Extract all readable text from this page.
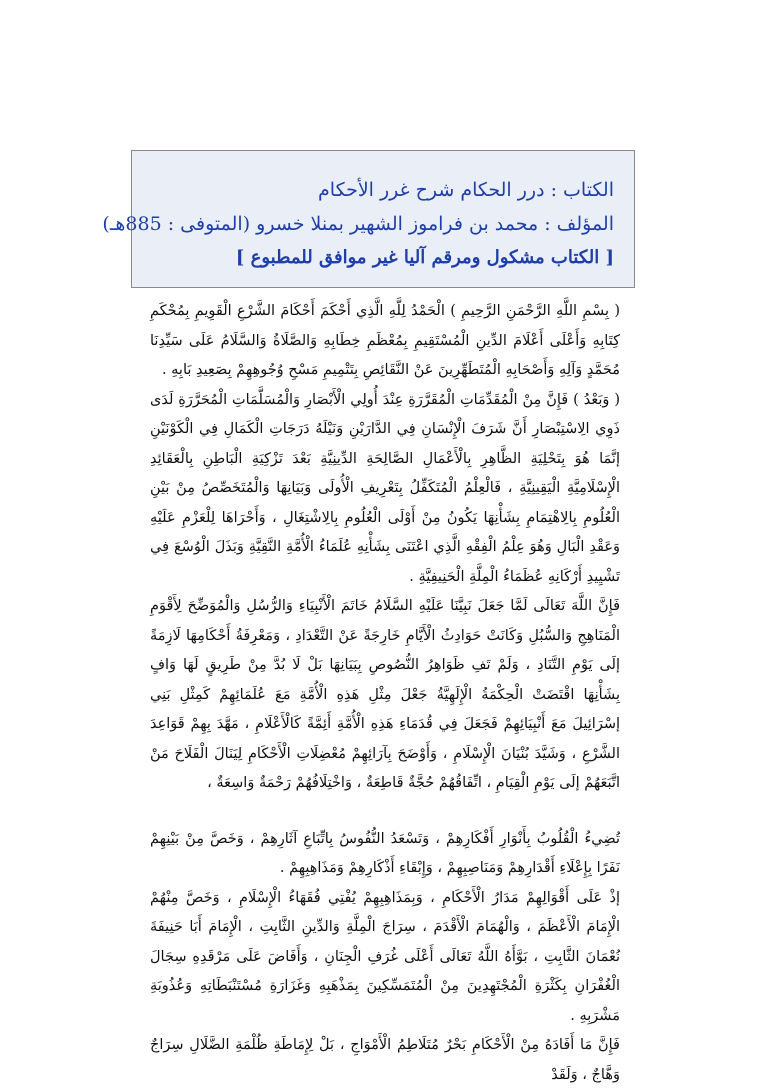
الكتاب : درر الحكام شرح غرر الأحكام
المؤلف : محمد بن فراموز الشهير بمنلا خسرو (المتوفى : 885هـ)
[ الكتاب مشكول ومرقم آليا غير موافق للمطبوع ]

( بِسْمِ اللَّهِ الرَّحْمَنِ الرَّحِيمِ ) الْحَمْدُ لِلَّهِ الَّذِي أَحْكَمَ أَحْكَامَ الشَّرْعِ الْقَوِيمِ بِمُحْكَمِ كِتَابِهِ وَأَعْلَى أَعْلَامَ الدِّينِ الْمُسْتَقِيمِ بِمُعْظَمِ خِطَابِهِ وَالصَّلَاةُ وَالسَّلَامُ عَلَى سَيِّدِنَا مُحَمَّدٍ وَآلِهِ وَأَصْحَابِهِ الْمُتَطَهِّرِينَ عَنْ النَّقَائِصِ بِتَتْمِيمِ مَسْحِ وُجُوهِهِمْ بِصَعِيدِ بَابِهِ .

( وَبَعْدُ ) فَإِنَّ مِنْ الْمُقَدِّمَاتِ الْمُقَرَّرَةِ عِنْدَ أُولِي الْأَبْصَارِ وَالْمُسَلَّمَاتِ الْمُحَرَّرَةِ لَدَى ذَوِي الِاسْتِبْصَارِ أَنَّ شَرَفَ الْإِنْسَانِ فِي الدَّارَيْنِ وَنَيْلَهُ دَرَجَاتِ الْكَمَالِ فِي الْكَوْنَيْنِ إنَّمَا هُوَ بِتَحْلِيَةِ الظَّاهِرِ بِالْأَعْمَالِ الصَّالِحَةِ الدِّينِيَّةِ بَعْدَ تَزْكِيَةِ الْبَاطِنِ بِالْعَقَائِدِ الْإِسْلَامِيَّةِ الْيَقِينِيَّةِ ، فَالْعِلْمُ الْمُتَكَفِّلُ بِتَعْرِيفِ الْأُولَى وَبَيَانِهَا وَالْمُتَخَصِّصُ مِنْ بَيْنِ الْعُلُومِ بِالِاهْتِمَامِ بِشَأْنِهَا يَكُونُ مِنْ أَوْلَى الْعُلُومِ بِالِاشْتِغَالِ ، وَأَحْرَاهَا لِلْعَزْمِ عَلَيْهِ وَعَقْدِ الْبَالِ وَهُوَ عِلْمُ الْفِقْهِ الَّذِي اعْتَنَى بِشَأْنِهِ عُلَمَاءُ الْأُمَّةِ النَّقِيَّةِ وَبَذَلَ الْوُسْعَ فِي تَشْيِيدِ أَرْكَانِهِ عُظَمَاءُ الْمِلَّةِ الْحَنِيفِيَّةِ .

فَإِنَّ اللَّهَ تَعَالَى لَمَّا جَعَلَ نَبِيَّنَا عَلَيْهِ السَّلَامُ خَاتَمَ الْأَنْبِيَاءِ وَالرُّسُلِ وَالْمُوَضِّحَ لِأَقْوَمِ الْمَنَاهِجِ وَالسُّبُلِ وَكَانَتْ حَوَادِثُ الْأَيَّامِ خَارِجَةً عَنْ التَّعْدَادِ ، وَمَعْرِفَةُ أَحْكَامِهَا لَازِمَةً إلَى يَوْمِ التَّنَادِ ، وَلَمْ تَفِ ظَوَاهِرُ النُّصُوصِ بِبَيَانِهَا بَلْ لَا بُدَّ مِنْ طَرِيقٍ لَهَا وَافٍ بِشَأْنِهَا اقْتَضَتْ الْحِكْمَةُ الْإِلَهِيَّةُ جَعْلَ مِثْلِ هَذِهِ الْأُمَّةِ مَعَ عُلَمَائِهِمْ كَمِثْلِ بَنِي إسْرَائِيلَ مَعَ أَنْبِيَائِهِمْ فَجَعَلَ فِي قُدَمَاءِ هَذِهِ الْأُمَّةِ أَئِمَّةً كَالْأَعْلَامِ ، مَهَّدَ بِهِمْ قَوَاعِدَ الشَّرْعِ ، وَشَيَّدَ بُنْيَانَ الْإِسْلَامِ ، وَأَوْضَحَ بِآرَائِهِمْ مُعْضِلَاتِ الْأَحْكَامِ لِيَنَالَ الْفَلَاحَ مَنْ اتَّبَعَهُمْ إلَى يَوْمِ الْقِيَامِ ، اتِّفَاقُهُمْ حُجَّةٌ قَاطِعَةٌ ، وَاخْتِلَافُهُمْ رَحْمَةٌ وَاسِعَةٌ ،

تُضِيءُ الْقُلُوبُ بِأَنْوَارِ أَفْكَارِهِمْ ، وَتَسْعَدُ النُّفُوسُ بِاتِّبَاعِ آثَارِهِمْ ، وَخَصَّ مِنْ بَيْنِهِمْ نَفَرًا بِإِعْلَاءِ أَقْدَارِهِمْ وَمَنَاصِبِهِمْ ، وَإِبْقَاءِ أَذْكَارِهِمْ وَمَذَاهِبِهِمْ .

إذْ عَلَى أَقْوَالِهِمْ مَدَارُ الْأَحْكَامِ ، وَبِمَذَاهِبِهِمْ يُفْتِي فُقَهَاءُ الْإِسْلَامِ ، وَخَصَّ مِنْهُمْ الْإِمَامَ الْأَعْظَمَ ، وَالْهُمَامَ الْأَقْدَمَ ، سِرَاجَ الْمِلَّةِ وَالدِّينِ الثَّابِتِ ، الْإِمَامَ أَبَا حَنِيفَةَ نُعْمَانَ الثَّابِتِ ، بَوَّأَهُ اللَّهُ تَعَالَى أَعْلَى غُرَفِ الْجِنَانِ ، وَأَفَاضَ عَلَى مَرْقَدِهِ سِجَالَ الْغُفْرَانِ بِكَثْرَةِ الْمُجْتَهِدِينَ مِنْ الْمُتَمَسِّكِينَ بِمَذْهَبِهِ وَغَزَارَةِ مُسْتَنْبَطَاتِهِ وَعُذُوبَةِ مَشْرَبِهِ .

فَإِنَّ مَا أَفَادَهُ مِنْ الْأَحْكَامِ بَحْرٌ مُتَلَاطِمُ الْأَمْوَاجِ ، بَلْ لِإِمَاطَةِ ظُلْمَةِ الضَّلَالِ سِرَاجٌ وَهَّاجٌ ، وَلَقَدْ
